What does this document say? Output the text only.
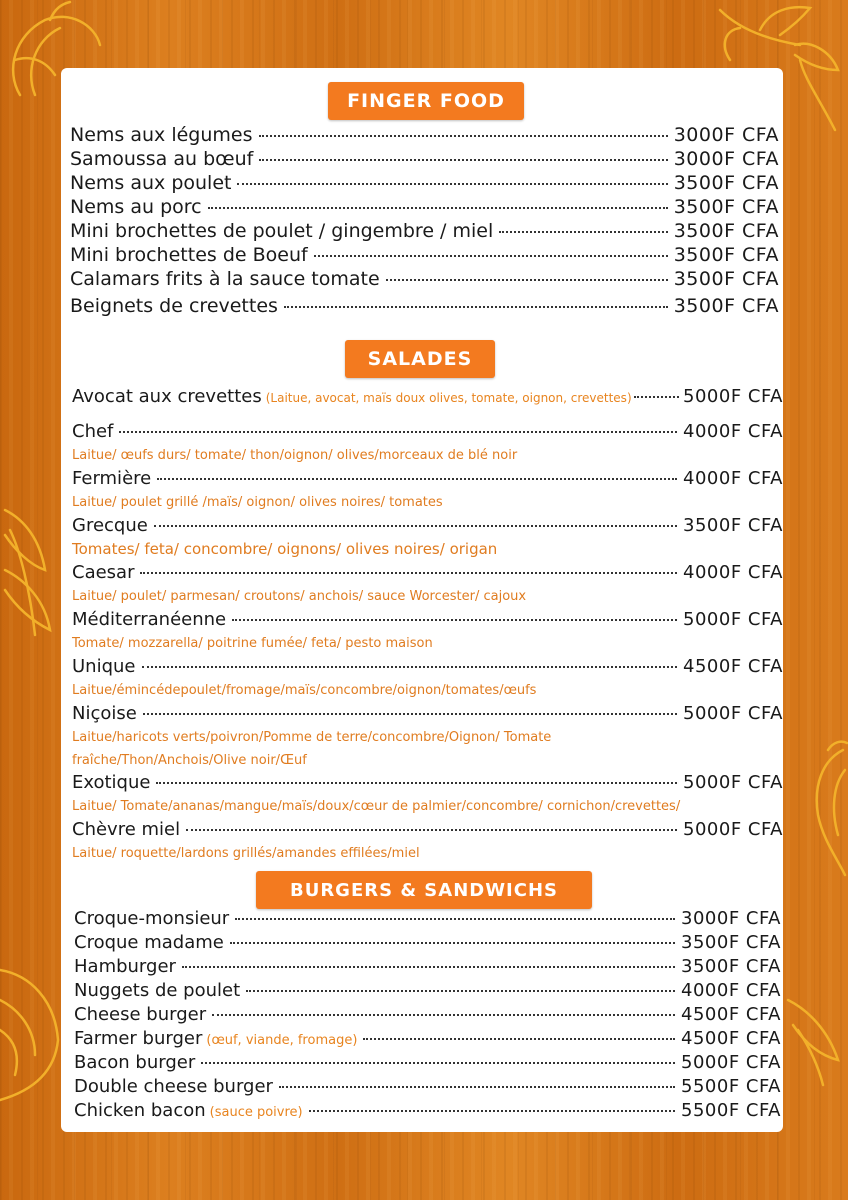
FINGER FOOD
Nems aux légumes	3000F CFA
Samoussa au bœuf	3000F CFA
Nems aux poulet	3500F CFA
Nems au porc	3500F CFA
Mini brochettes de poulet / gingembre / miel	3500F CFA
Mini brochettes de Boeuf	3500F CFA
Calamars frits à la sauce tomate	3500F CFA
Beignets de crevettes	3500F CFA
SALADES
Avocat aux crevettes (Laitue, avocat, maïs doux olives, tomate, oignon, crevettes)	5000F CFA
Chef	4000F CFA
Laitue/ œufs durs/ tomate/ thon/oignon/ olives/morceaux de blé noir
Fermière	4000F CFA
Laitue/ poulet grillé /maïs/ oignon/ olives noires/ tomates
Grecque	3500F CFA
Tomates/ feta/ concombre/ oignons/ olives noires/ origan
Caesar	4000F CFA
Laitue/ poulet/ parmesan/ croutons/ anchois/ sauce Worcester/ cajoux
Méditerranéenne	5000F CFA
Tomate/ mozzarella/ poitrine fumée/ feta/ pesto maison
Unique	4500F CFA
Laitue/émincédepoulet/fromage/maïs/concombre/oignon/tomates/œufs
Niçoise	5000F CFA
Laitue/haricots verts/poivron/Pomme de terre/concombre/Oignon/ Tomate
fraîche/Thon/Anchois/Olive noir/Œuf
Exotique	5000F CFA
Laitue/ Tomate/ananas/mangue/maïs/doux/cœur de palmier/concombre/ cornichon/crevettes/
Chèvre miel	5000F CFA
Laitue/ roquette/lardons grillés/amandes effilées/miel
BURGERS & SANDWICHS
Croque-monsieur	3000F CFA
Croque madame	3500F CFA
Hamburger	3500F CFA
Nuggets de poulet	4000F CFA
Cheese burger	4500F CFA
Farmer burger (œuf, viande, fromage)	4500F CFA
Bacon burger	5000F CFA
Double cheese burger	5500F CFA
Chicken bacon (sauce poivre)	5500F CFA
